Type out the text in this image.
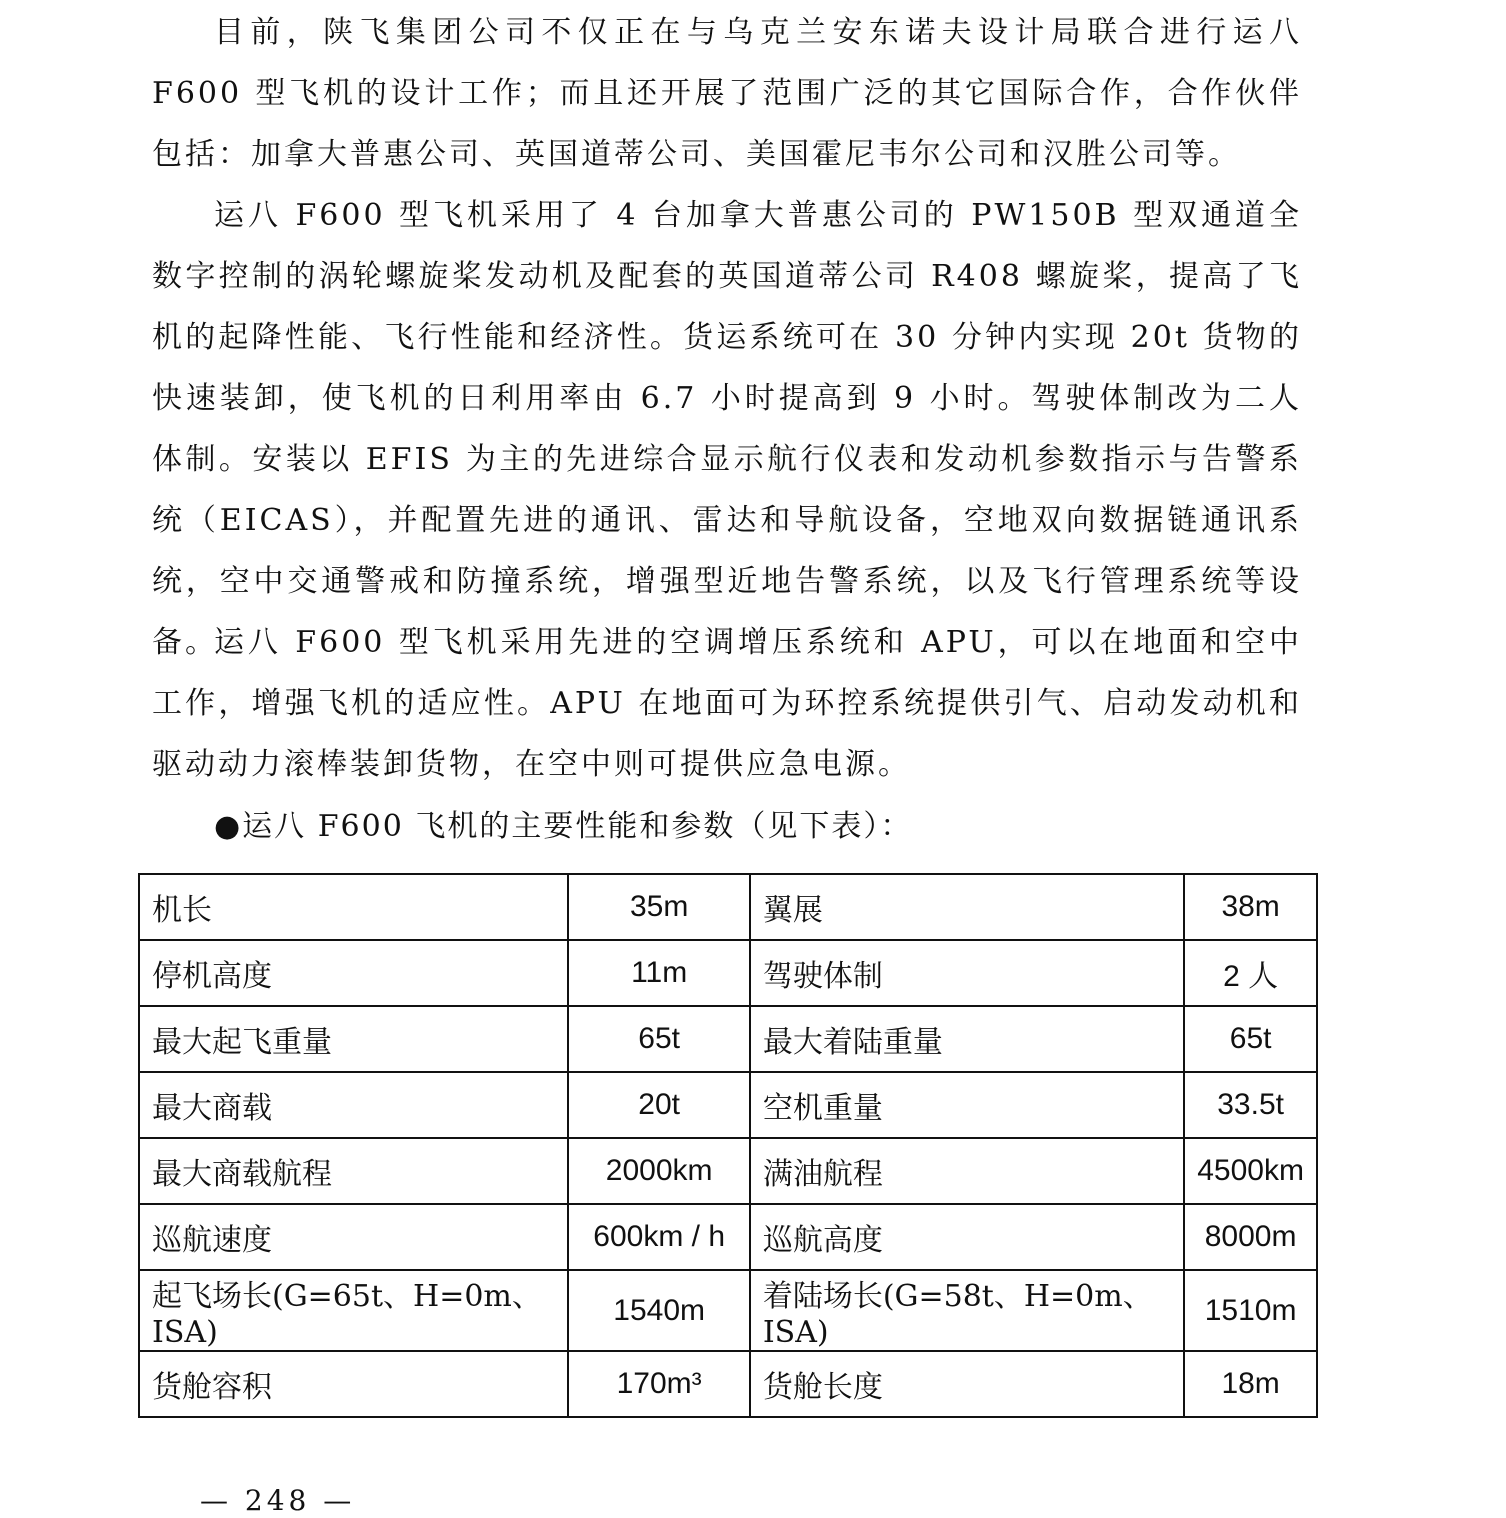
目前，陕飞集团公司不仅正在与乌克兰安东诺夫设计局联合进行运八 F600 型飞机的设计工作；而且还开展了范围广泛的其它国际合作，合作伙伴包括：加拿大普惠公司、英国道蒂公司、美国霍尼韦尔公司和汉胜公司等。

运八 F600 型飞机采用了 4 台加拿大普惠公司的 PW150B 型双通道全数字控制的涡轮螺旋桨发动机及配套的英国道蒂公司 R408 螺旋桨，提高了飞机的起降性能、飞行性能和经济性。货运系统可在 30 分钟内实现 20t 货物的快速装卸，使飞机的日利用率由 6.7 小时提高到 9 小时。驾驶体制改为二人体制。安装以 EFIS 为主的先进综合显示航行仪表和发动机参数指示与告警系统（EICAS），并配置先进的通讯、雷达和导航设备，空地双向数据链通讯系统，空中交通警戒和防撞系统，增强型近地告警系统，以及飞行管理系统等设备。

运八 F600 型飞机采用先进的空调增压系统和 APU，可以在地面和空中工作，增强飞机的适应性。APU 在地面可为环控系统提供引气、启动发动机和驱动动力滚棒装卸货物，在空中则可提供应急电源。

●运八 F600 飞机的主要性能和参数（见下表）：

机长	35m	翼展	38m
停机高度	11m	驾驶体制	2 人
最大起飞重量	65t	最大着陆重量	65t
最大商载	20t	空机重量	33.5t
最大商载航程	2000km	满油航程	4500km
巡航速度	600km / h	巡航高度	8000m
起飞场长(G=65t、H=0m、ISA)	1540m	着陆场长(G=58t、H=0m、ISA)	1510m
货舱容积	170m³	货舱长度	18m
— 248 —
